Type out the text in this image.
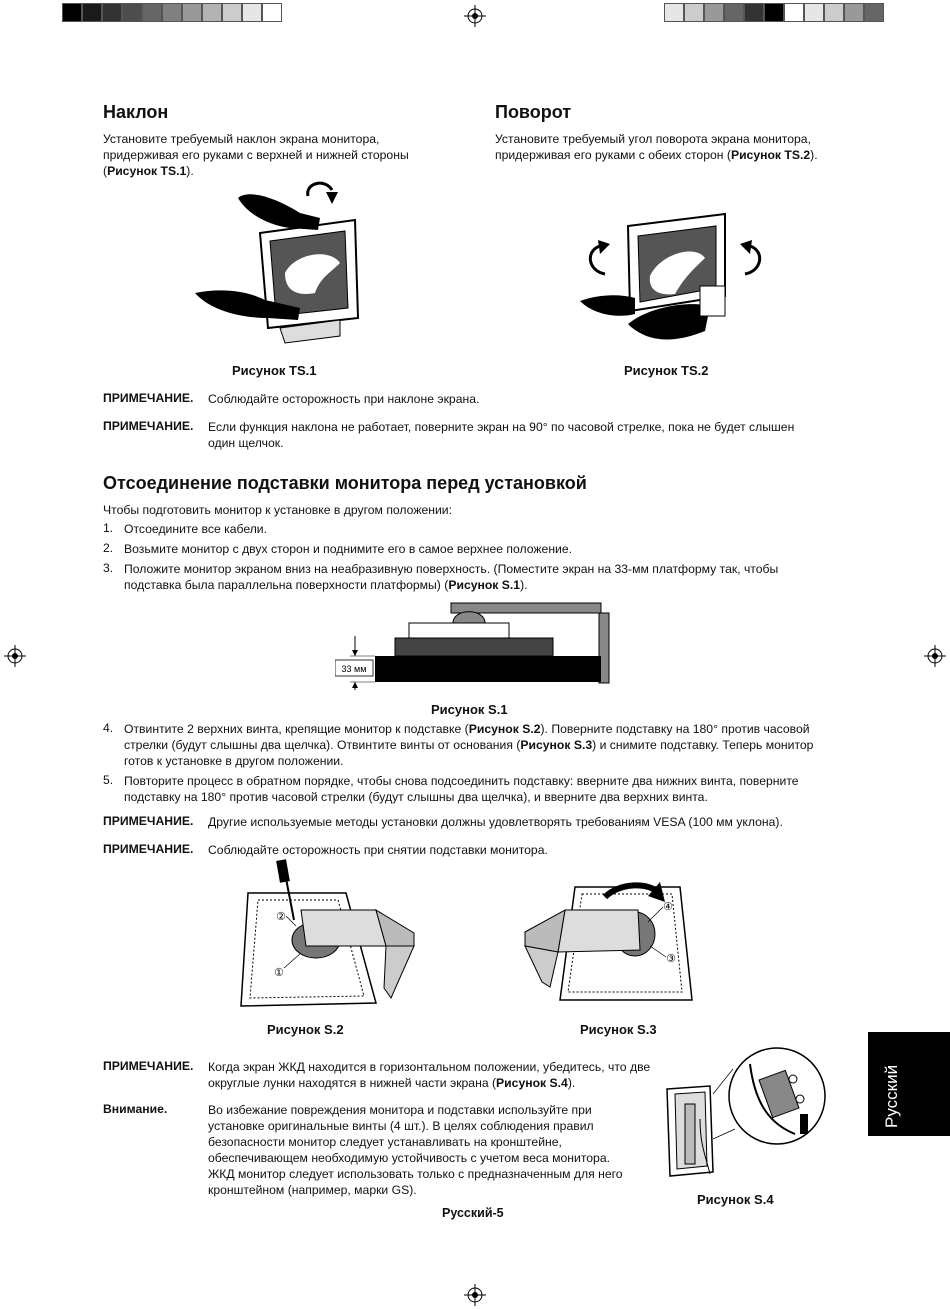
Наклон
Установите требуемый наклон экрана монитора, придерживая его руками с верхней и нижней стороны (Рисунок TS.1).
Поворот
Установите требуемый угол поворота экрана монитора, придерживая его руками с обеих сторон (Рисунок TS.2).
Рисунок TS.1	Рисунок TS.2
ПРИМЕЧАНИЕ. Соблюдайте осторожность при наклоне экрана.
ПРИМЕЧАНИЕ. Если функция наклона не работает, поверните экран на 90° по часовой стрелке, пока не будет слышен один щелчок.
Отсоединение подставки монитора перед установкой
Чтобы подготовить монитор к установке в другом положении:
1. Отсоедините все кабели.
2. Возьмите монитор с двух сторон и поднимите его в самое верхнее положение.
3. Положите монитор экраном вниз на неабразивную поверхность. (Поместите экран на 33-мм платформу так, чтобы подставка была параллельна поверхности платформы) (Рисунок S.1).
33 мм
Рисунок S.1
4. Отвинтите 2 верхних винта, крепящие монитор к подставке (Рисунок S.2). Поверните подставку на 180° против часовой стрелки (будут слышны два щелчка). Отвинтите винты от основания (Рисунок S.3) и снимите подставку. Теперь монитор готов к установке в другом положении.
5. Повторите процесс в обратном порядке, чтобы снова подсоединить подставку: вверните два нижних винта, поверните подставку на 180° против часовой стрелки (будут слышны два щелчка), и вверните два верхних винта.
ПРИМЕЧАНИЕ. Другие используемые методы установки должны удовлетворять требованиям VESA (100 мм уклона).
ПРИМЕЧАНИЕ. Соблюдайте осторожность при снятии подставки монитора.
②
①
Рисунок S.2
④
③
Рисунок S.3
ПРИМЕЧАНИЕ. Когда экран ЖКД находится в горизонтальном положении, убедитесь, что две округлые лунки находятся в нижней части экрана (Рисунок S.4).
Внимание.	Во избежание повреждения монитора и подставки используйте при установке оригинальные винты (4 шт.). В целях соблюдения правил безопасности монитор следует устанавливать на кронштейне, обеспечивающем необходимую устойчивость с учетом веса монитора. ЖКД монитор следует использовать только с предназначенным для него кронштейном (например, марки GS).
Рисунок S.4
Русский
Русский-5
